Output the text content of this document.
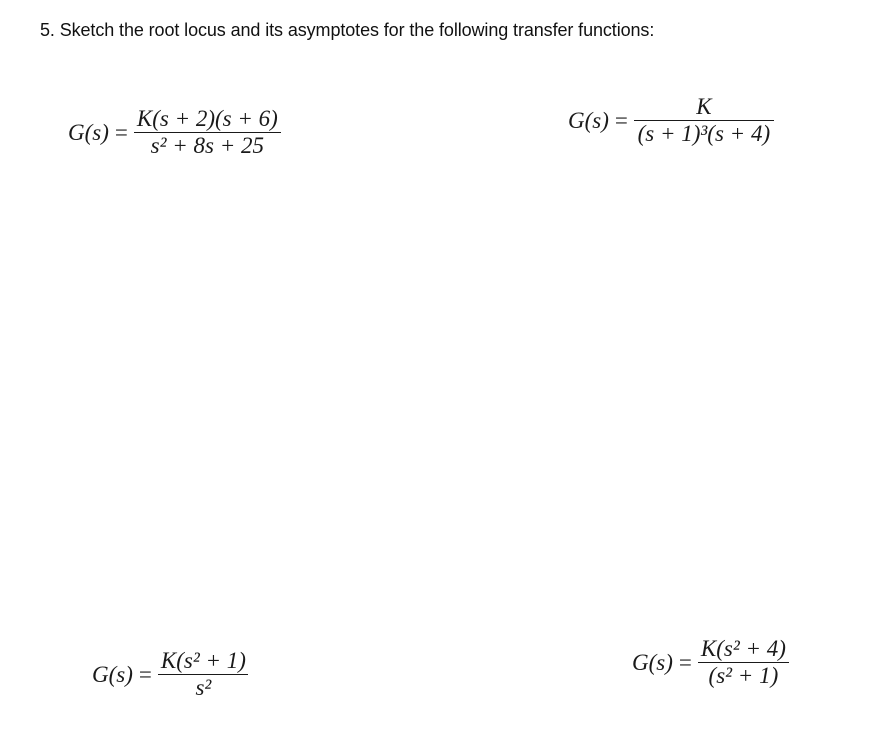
5. Sketch the root locus and its asymptotes for the following transfer functions:
$G(s) = \frac{K(s + 2)(s + 6)}{\text{s² + 8s + 25}}$	$G(s) = \frac{K}{\text{(s + 1)³(s + 4)}}$
$G(s) = \frac{\text{K(s² + 1)}}{\text{s²}}$	$G(s) = \frac{\text{K(s² + 4)}}{\text{(s² + 1)}}$
